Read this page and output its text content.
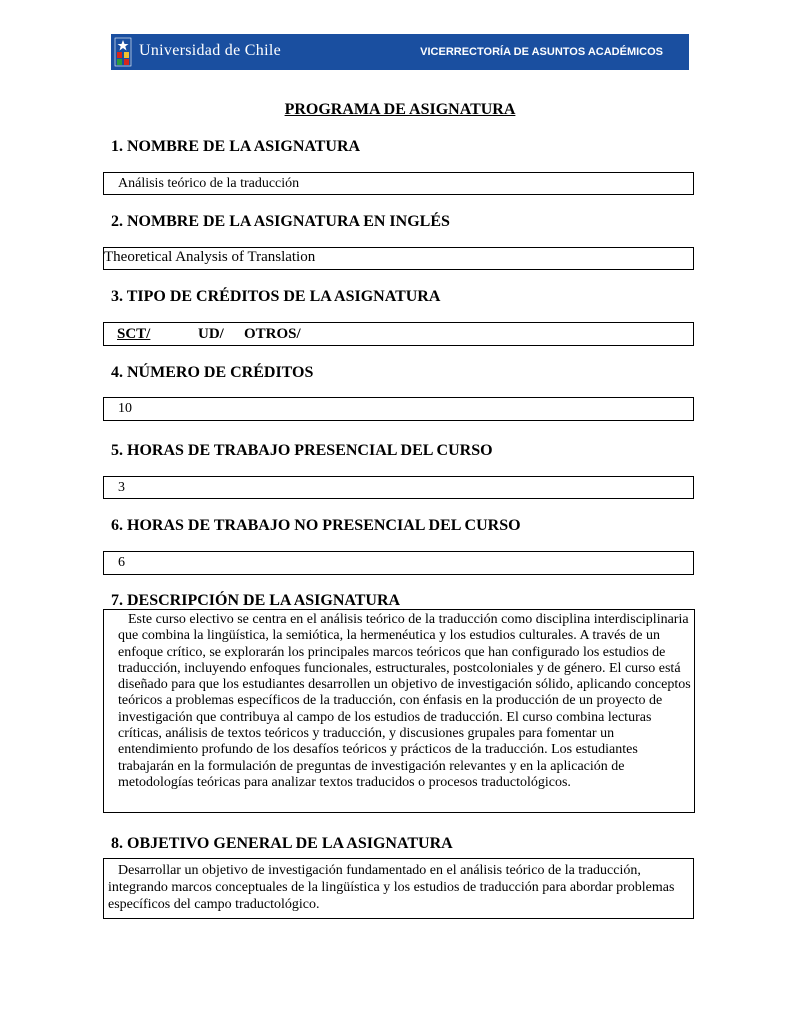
Universidad de Chile	VICERRECTORÍA DE ASUNTOS ACADÉMICOS
PROGRAMA DE ASIGNATURA
1. NOMBRE DE LA ASIGNATURA
Análisis teórico de la traducción
2. NOMBRE DE LA ASIGNATURA EN INGLÉS
Theoretical Analysis of Translation
3. TIPO DE CRÉDITOS DE LA ASIGNATURA
SCT/	UD/ OTROS/
4. NÚMERO DE CRÉDITOS
10
5. HORAS DE TRABAJO PRESENCIAL DEL CURSO
3
6. HORAS DE TRABAJO NO PRESENCIAL DEL CURSO
6
7. DESCRIPCIÓN DE LA ASIGNATURA
Este curso electivo se centra en el análisis teórico de la traducción como disciplina interdisciplinaria que combina la lingüística, la semiótica, la hermenéutica y los estudios culturales. A través de un enfoque crítico, se explorarán los principales marcos teóricos que han configurado los estudios de traducción, incluyendo enfoques funcionales, estructurales, postcoloniales y de género. El curso está diseñado para que los estudiantes desarrollen un objetivo de investigación sólido, aplicando conceptos teóricos a problemas específicos de la traducción, con énfasis en la producción de un proyecto de investigación que contribuya al campo de los estudios de traducción. El curso combina lecturas críticas, análisis de textos teóricos y traducción, y discusiones grupales para fomentar un entendimiento profundo de los desafíos teóricos y prácticos de la traducción. Los estudiantes trabajarán en la formulación de preguntas de investigación relevantes y en la aplicación de metodologías teóricas para analizar textos traducidos o procesos traductológicos.
8. OBJETIVO GENERAL DE LA ASIGNATURA
Desarrollar un objetivo de investigación fundamentado en el análisis teórico de la traducción, integrando marcos conceptuales de la lingüística y los estudios de traducción para abordar problemas específicos del campo traductológico.
